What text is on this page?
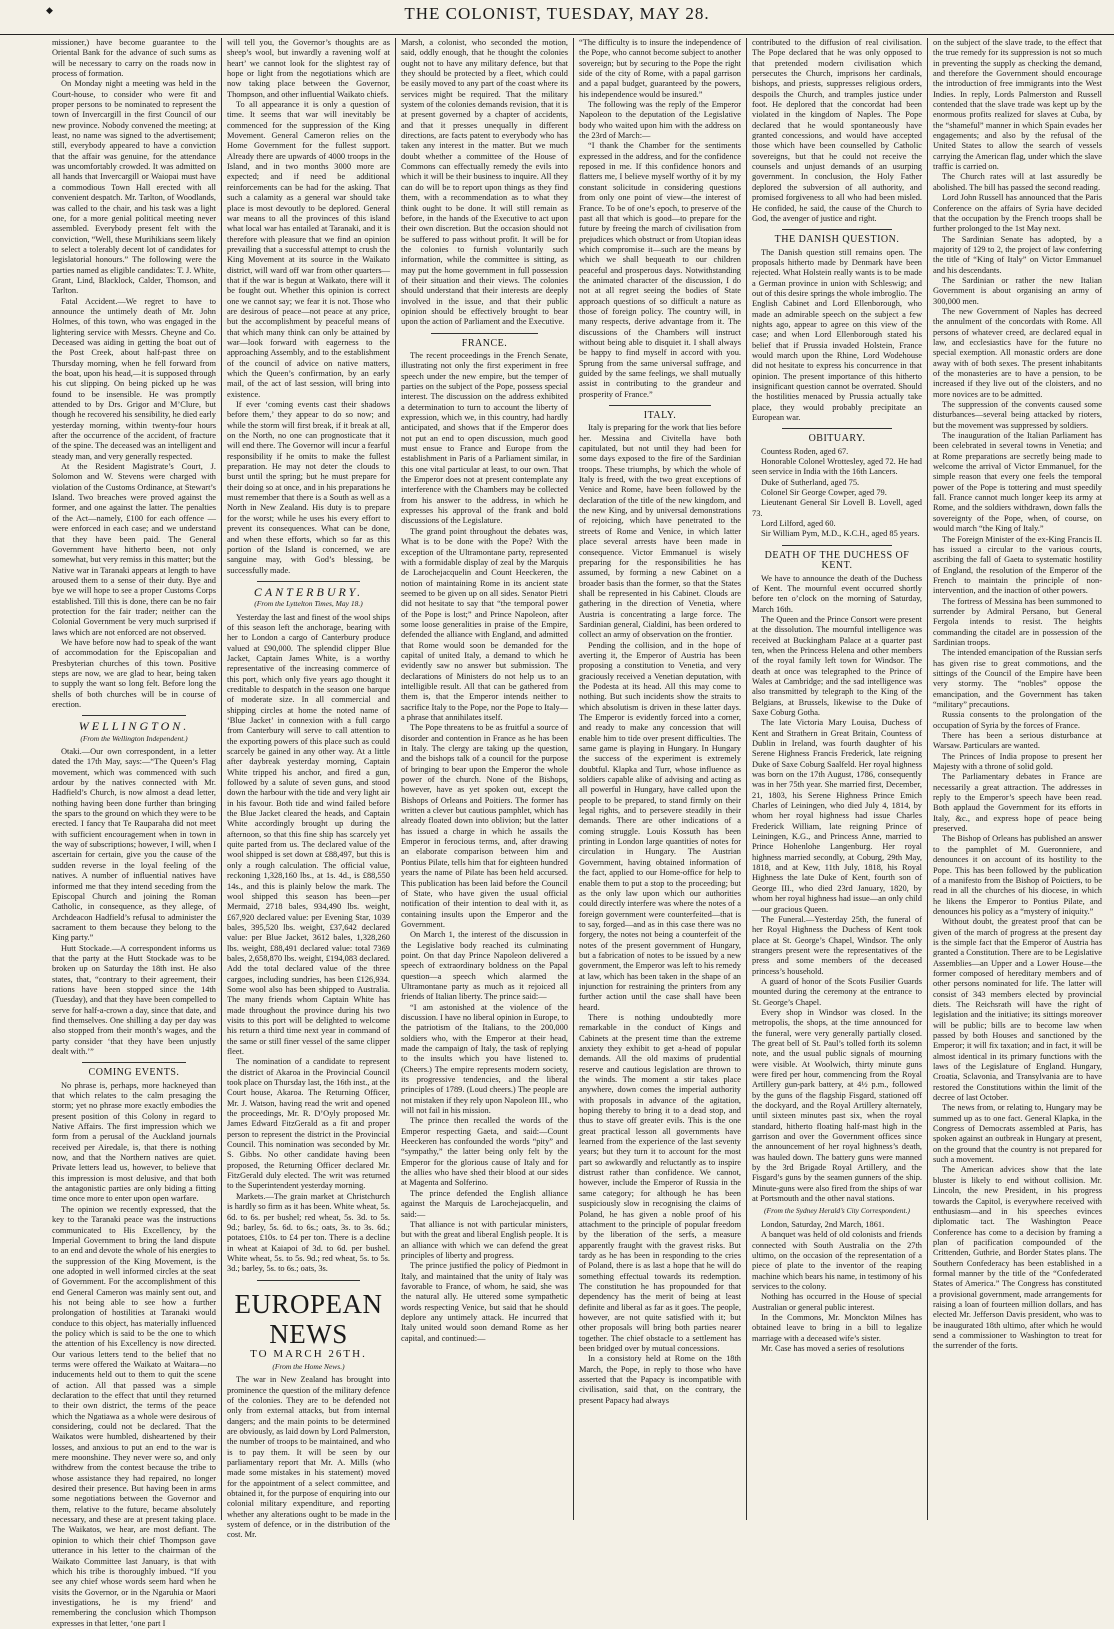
◆	THE COLONIST, TUESDAY, MAY 28.

missioner,) have become guarantee to the Oriental Bank for the advance of such sums as will be necessary to carry on the roads now in process of formation.

On Monday night a meeting was held in the Court-house, to consider who were fit and proper persons to be nominated to represent the town of Invercargill in the first Council of our new province. Nobody convened the meeting; at least, no name was signed to the advertisement; still, everybody appeared to have a conviction that the affair was genuine, for the attendance was uncomfortably crowded. It was admitted on all hands that Invercargill or Waiopai must have a commodious Town Hall erected with all convenient despatch. Mr. Tarlton, of Woodlands, was called to the chair, and his task was a light one, for a more genial political meeting never assembled. Everybody present felt with the conviction, “Well, these Murihikians seem likely to select a tolerably decent lot of candidates for legislatorial honours.” The following were the parties named as eligible candidates: T. J. White, Grant, Lind, Blacklock, Calder, Thomson, and Tarlton.

Fatal Accident.—We regret to have to announce the untimely death of Mr. John Holmes, of this town, who was engaged in the lightering service with Messrs. Cheyne and Co. Deceased was aiding in getting the boat out of the Post Creek, about half-past three on Thursday morning, when he fell forward from the boat, upon his head,—it is supposed through his cut slipping. On being picked up he was found to be insensible. He was promptly attended to by Drs. Grigor and M’Clure, but though he recovered his sensibility, he died early yesterday morning, within twenty-four hours after the occurrence of the accident, of fracture of the spine. The deceased was an intelligent and steady man, and very generally respected.

At the Resident Magistrate’s Court, J. Solomon and W. Stevens were charged with violation of the Customs Ordinance, at Stewart’s Island. Two breaches were proved against the former, and one against the latter. The penalties of the Act—namely, £100 for each offence —were enforced in each case; and we understand that they have been paid. The General Government have hitherto been, not only somewhat, but very remiss in this matter; but the Native war in Taranaki appears at length to have aroused them to a sense of their duty. Bye and bye we will hope to see a proper Customs Corps established. Till this is done, there can be no fair protection for the fair trader; neither can the Colonial Government be very much surprised if laws which are not enforced are not observed.

We have before now had to speak of the want of accommodation for the Episcopalian and Presbyterian churches of this town. Positive steps are now, we are glad to hear, being taken to supply the want so long felt. Before long the shells of both churches will be in course of erection.

WELLINGTON.
(From the Wellington Independent.)

Otaki.—Our own correspondent, in a letter dated the 17th May, says:—“The Queen’s Flag movement, which was commenced with such ardour by the natives connected with Mr. Hadfield’s Church, is now almost a dead letter, nothing having been done further than bringing the spars to the ground on which they were to be erected. I fancy that Te Rauparaha did not meet with sufficient encouragement when in town in the way of subscriptions; however, I will, when I ascertain for certain, give you the cause of the sudden reverse in the loyal feeling of the natives. A number of influential natives have informed me that they intend seceding from the Episcopal Church and joining the Roman Catholic, in consequence, as they allege, of Archdeacon Hadfield’s refusal to administer the sacrament to them because they belong to the King party.”

Hutt Stockade.—A correspondent informs us that the party at the Hutt Stockade was to be broken up on Saturday the 18th inst. He also states, that, “contrary to their agreement, their rations have been stopped since the 14th (Tuesday), and that they have been compelled to serve for half-a-crown a day, since that date, and find themselves. One shilling a day per day was also stopped from their month’s wages, and the party consider ‘that they have been unjustly dealt with.’”

COMING EVENTS.

No phrase is, perhaps, more hackneyed than that which relates to the calm presaging the storm; yet no phrase more exactly embodies the present position of this Colony in regard to Native Affairs. The first impression which we form from a perusal of the Auckland journals received per Airedale, is, that there is nothing now, and that the Northern natives are quiet. Private letters lead us, however, to believe that this impression is most delusive, and that both the antagonistic parties are only biding a fitting time once more to enter upon open warfare.

The opinion we recently expressed, that the key to the Taranaki peace was the instructions communicated to His Excellency, by the Imperial Government to bring the land dispute to an end and devote the whole of his energies to the suppression of the King Movement, is the one adopted in well informed circles at the seat of Government. For the accomplishment of this end General Cameron was mainly sent out, and his not being able to see how a further prolongation of hostilities at Taranaki would conduce to this object, has materially influenced the policy which is said to be the one to which the attention of his Excellency is now directed. Our various letters tend to the belief that no terms were offered the Waikato at Waitara—no inducements held out to them to quit the scene of action. All that passed was a simple declaration to the effect that until they returned to their own district, the terms of the peace which the Ngatiawa as a whole were desirous of considering, could not be declared. That the Waikatos were humbled, disheartened by their losses, and anxious to put an end to the war is mere moonshine. They never were so, and only withdrew from the contest because the tribe to whose assistance they had repaired, no longer desired their presence. But having been in arms some negotiations between the Governor and them, relative to the future, became absolutely necessary, and these are at present taking place. The Waikatos, we hear, are most defiant. The opinion to which their chief Thompson gave utterance in his letter to the chairman of the Waikato Committee last January, is that with which his tribe is thoroughly imbued. “If you see any chief whose words seem hard when he visits the Governor, or in the Ngaruhia or Maori investigations, he is my friend’ and remembering the conclusion which Thompson expresses in that letter, ‘one part I

will tell you, the Governor’s thoughts are as sheep’s wool, but inwardly a ravening wolf at heart’ we cannot look for the slightest ray of hope or light from the negotiations which are now taking place between the Governor, Thompson, and other influential Waikato chiefs.

To all appearance it is only a question of time. It seems that war will inevitably be commenced for the suppression of the King Movement. General Cameron relies on the Home Government for the fullest support. Already there are upwards of 4000 troops in the Island, and in two months 3000 more are expected; and if need be additional reinforcements can be had for the asking. That such a calamity as a general war should take place is most devoutly to be deplored. General war means to all the provinces of this island what local war has entailed at Taranaki, and it is therefore with pleasure that we find an opinion prevailing that a successful attempt to crush the King Movement at its source in the Waikato district, will ward off war from other quarters—that if the war is begun at Waikato, there will it be fought out. Whether this opinion is correct one we cannot say; we fear it is not. Those who are desirous of peace—not peace at any price, but the accomplishment by peaceful means of that which many think can only be attained by war—look forward with eagerness to the approaching Assembly, and to the establishment of the council of advice on native matters, which the Queen’s confirmation, by an early mail, of the act of last session, will bring into existence.

If ever ‘coming events cast their shadows before them,’ they appear to do so now; and while the storm will first break, if it break at all, on the North, no one can prognosticate that it will end there. The Governor will incur a fearful responsibility if he omits to make the fullest preparation. He may not deter the clouds to burst until the spring; but he must prepare for their doing so at once, and in his preparations he must remember that there is a South as well as a North in New Zealand. His duty is to prepare for the worst; while he uses his every effort to prevent its consequences. What can be done, and when these efforts, which so far as this portion of the Island is concerned, we are sanguine may, with God’s blessing, be successfully made.

CANTERBURY.
(From the Lyttelton Times, May 18.)

Yesterday the last and finest of the wool ships of this season left the anchorage, bearing with her to London a cargo of Canterbury produce valued at £90,000. The splendid clipper Blue Jacket, Captain James White, is a worthy representative of the increasing commerce of this port, which only five years ago thought it creditable to despatch in the season one barque of moderate size. In all commercial and shipping circles at home the noted name of ‘Blue Jacket’ in connexion with a full cargo from Canterbury will serve to call attention to the exporting powers of this place such as could scarcely be gained in any other way. At a little after daybreak yesterday morning, Captain White tripped his anchor, and fired a gun, followed by a salute of seven guns, and stood down the harbour with the tide and very light air in his favour. Both tide and wind failed before the Blue Jacket cleared the heads, and Captain White accordingly brought up during the afternoon, so that this fine ship has scarcely yet quite parted from us. The declared value of the wool shipped is set down at £88,497, but this is only a rough calculation. The official value, reckoning 1,328,160 lbs., at 1s. 4d., is £88,550 14s., and this is plainly below the mark. The wool shipped this season has been—per Mermaid, 2718 bales, 934,490 lbs. weight, £67,920 declared value: per Evening Star, 1039 bales, 395,520 lbs. weight, £37,642 declared value: per Blue Jacket, 3612 bales, 1,328,260 lbs. weight, £88,491 declared value: total 7369 bales, 2,658,870 lbs. weight, £194,083 declared. Add the total declared value of the three cargoes, including sundries, has been £126,934. Some wool also has been shipped to Australia. The many friends whom Captain White has made throughout the province during his two visits to this port will be delighted to welcome his return a third time next year in command of the same or still finer vessel of the same clipper fleet.

The nomination of a candidate to represent the district of Akaroa in the Provincial Council took place on Thursday last, the 16th inst., at the Court house, Akaroa. The Returning Officer, Mr. J. Watson, having read the writ and opened the proceedings, Mr. R. D’Oyly proposed Mr. James Edward FitzGerald as a fit and proper person to represent the district in the Provincial Council. This nomination was seconded by Mr. S. Gibbs. No other candidate having been proposed, the Returning Officer declared Mr. FitzGerald duly elected. The writ was returned to the Superintendent yesterday morning.

Markets.—The grain market at Christchurch is hardly so firm as it has been. White wheat, 5s. 6d. to 6s. per bushel; red wheat, 5s. 3d. to 5s. 9d.; barley, 5s. 6d. to 6s.; oats, 3s. to 3s. 6d.; potatoes, £10s. to £4 per ton. There is a decline in wheat at Kaiapoi of 3d. to 6d. per bushel. White wheat, 5s. to 5s. 9d.; red wheat, 5s. to 5s. 3d.; barley, 5s. to 6s.; oats, 3s.

EUROPEAN NEWS
TO MARCH 26TH.
(From the Home News.)

The war in New Zealand has brought into prominence the question of the military defence of the colonies. They are to be defended not only from external attacks, but from internal dangers; and the main points to be determined are obviously, as laid down by Lord Palmerston, the number of troops to be maintained, and who is to pay them. It will be seen by our parliamentary report that Mr. A. Mills (who made some mistakes in his statement) moved for the appointment of a select committee, and obtained it, for the purpose of enquiring into our colonial military expenditure, and reporting whether any alterations ought to be made in the system of defence, or in the distribution of the cost. Mr.

Marsh, a colonist, who seconded the motion, said, oddly enough, that he thought the colonies ought not to have any military defence, but that they should be protected by a fleet, which could be easily moved to any part of the coast where its services might be required. That the military system of the colonies demands revision, that it is at present governed by a chapter of accidents, and that it presses unequally in different directions, are facts patent to everybody who has taken any interest in the matter. But we much doubt whether a committee of the House of Commons can effectually remedy the evils into which it will be their business to inquire. All they can do will be to report upon things as they find them, with a recommendation as to what they think ought to be done. It will still remain as before, in the hands of the Executive to act upon their own discretion. But the occasion should not be suffered to pass without profit. It will be for the colonies to furnish voluntarily such information, while the committee is sitting, as may put the home government in full possession of their situation and their views. The colonies should understand that their interests are deeply involved in the issue, and that their public opinion should be effectively brought to bear upon the action of Parliament and the Executive.

FRANCE.

The recent proceedings in the French Senate, illustrating not only the first experiment in free speech under the new empire, but the temper of parties on the subject of the Pope, possess special interest. The discussion on the address exhibited a determination to turn to account the liberty of expression, which we, in this country, had hardly anticipated, and shows that if the Emperor does not put an end to open discussion, much good must ensue to France and Europe from the establishment in Paris of a Parliament similar, in this one vital particular at least, to our own. That the Emperor does not at present contemplate any interference with the Chambers may be collected from his answer to the address, in which he expresses his approval of the frank and bold discussions of the Legislature.

The grand point throughout the debates was, What is to be done with the Pope? With the exception of the Ultramontane party, represented with a formidable display of zeal by the Marquis de Larochejacquelin and Count Heeckeren, the notion of maintaining Rome in its ancient state seemed to be given up on all sides. Senator Pietri did not hesitate to say that “the temporal power of the Pope is lost;” and Prince Napoleon, after some loose generalities in praise of the Empire, defended the alliance with England, and admitted that Rome would soon be demanded for the capital of united Italy, a demand to which he evidently saw no answer but submission. The declarations of Ministers do not help us to an intelligible result. All that can be gathered from them is, that the Emperor intends neither to sacrifice Italy to the Pope, nor the Pope to Italy—a phrase that annihilates itself.

The Pope threatens to be as fruitful a source of disorder and contention in France as he has been in Italy. The clergy are taking up the question, and the bishops talk of a council for the purpose of bringing to bear upon the Emperor the whole power of the church. None of the Bishops, however, have as yet spoken out, except the Bishops of Orleans and Poitiers. The former has written a clever but cautious pamphlet, which has already floated down into oblivion; but the latter has issued a charge in which he assails the Emperor in ferocious terms, and, after drawing an elaborate comparison between him and Pontius Pilate, tells him that for eighteen hundred years the name of Pilate has been held accursed. This publication has been laid before the Council of State, who have given the usual official notification of their intention to deal with it, as containing insults upon the Emperor and the Government.

On March 1, the interest of the discussion in the Legislative body reached its culminating point. On that day Prince Napoleon delivered a speech of extraordinary boldness on the Papal question—a speech which alarmed the Ultramontane party as much as it rejoiced all friends of Italian liberty. The prince said:—

“I am astonished at the violence of the discussion. I have no liberal opinion in Europe, to the patriotism of the Italians, to the 200,000 soldiers who, with the Emperor at their head, made the campaign of Italy, the task of replying to the insults which you have listened to. (Cheers.) The empire represents modern society, its progressive tendencies, and the liberal principles of 1789. (Loud cheers.) The people are not mistaken if they rely upon Napoleon III., who will not fail in his mission.

The prince then recalled the words of the Emperor respecting Gaeta, and said:—Count Heeckeren has confounded the words “pity” and “sympathy,” the latter being only felt by the Emperor for the glorious cause of Italy and for the allies who have shed their blood at our sides at Magenta and Solferino.

The prince defended the English alliance against the Marquis de Larochejacquelin, and said:—

That alliance is not with particular ministers, but with the great and liberal English people. It is an alliance with which we can defend the great principles of liberty and progress.

The prince justified the policy of Piedmont in Italy, and maintained that the unity of Italy was favorable to France, of whom, he said, she was the natural ally. He uttered some sympathetic words respecting Venice, but said that he should deplore any untimely attack. He incurred that Italy united would soon demand Rome as her capital, and continued:—

“The difficulty is to insure the independence of the Pope, who cannot become subject to another sovereign; but by securing to the Pope the right side of the city of Rome, with a papal garrison and a papal budget, guaranteed by the powers, his independence would be insured.”

The following was the reply of the Emperor Napoleon to the deputation of the Legislative body who waited upon him with the address on the 23rd of March:—

“I thank the Chamber for the sentiments expressed in the address, and for the confidence reposed in me. If this confidence honors and flatters me, I believe myself worthy of it by my constant solicitude in considering questions from only one point of view—the interest of France. To be of one’s epoch, to preserve of the past all that which is good—to prepare for the future by freeing the march of civilisation from prejudices which obstruct or from Utopian ideas which compromise it—such are the means by which we shall bequeath to our children peaceful and prosperous days. Notwithstanding the animated character of the discussion, I do not at all regret seeing the bodies of State approach questions of so difficult a nature as those of foreign policy. The country will, in many respects, derive advantage from it. The discussions of the Chambers will instruct without being able to disquiet it. I shall always be happy to find myself in accord with you. Sprung from the same universal suffrage, and guided by the same feelings, we shall mutually assist in contributing to the grandeur and prosperity of France.”

ITALY.

Italy is preparing for the work that lies before her. Messina and Civitella have both capitulated, but not until they had been for some days exposed to the fire of the Sardinian troops. These triumphs, by which the whole of Italy is freed, with the two great exceptions of Venice and Rome, have been followed by the declaration of the title of the new kingdom, and the new King, and by universal demonstrations of rejoicing, which have penetrated to the streets of Rome and Venice, in which latter place several arrests have been made in consequence. Victor Emmanuel is wisely preparing for the responsibilities he has assumed, by forming a new Cabinet on a broader basis than the former, so that the States shall be represented in his Cabinet. Clouds are gathering in the direction of Venetia, where Austria is concentrating a large force. The Sardinian general, Cialdini, has been ordered to collect an army of observation on the frontier.

Pending the collision, and in the hope of averting it, the Emperor of Austria has been proposing a constitution to Venetia, and very graciously received a Venetian deputation, with the Podesta at its head. All this may come to nothing. But such incidents show the straits to which absolutism is driven in these latter days. The Emperor is evidently forced into a corner, and ready to make any concession that will enable him to tide over present difficulties. The same game is playing in Hungary. In Hungary the success of the experiment is extremely doubtful. Klapka and Turr, whose influence as soldiers capable alike of advising and acting as all powerful in Hungary, have called upon the people to be prepared, to stand firmly on their legal rights, and to persevere steadily in their demands. There are other indications of a coming struggle. Louis Kossuth has been printing in London large quantities of notes for circulation in Hungary. The Austrian Government, having obtained information of the fact, applied to our Home-office for help to enable them to put a stop to the proceeding; but as the only law upon which our authorities could directly interfere was where the notes of a foreign government were counterfeited—that is to say, forged—and as in this case there was no forgery, the notes not being a counterfeit of the notes of the present government of Hungary, but a fabrication of notes to be issued by a new government, the Emperor was left to his remedy at law, which has been taken in the shape of an injunction for restraining the printers from any further action until the case shall have been heard.

There is nothing undoubtedly more remarkable in the conduct of Kings and Cabinets at the present time than the extreme anxiety they exhibit to get a-head of popular demands. All the old maxims of prudential reserve and cautious legislation are thrown to the winds. The moment a stir takes place anywhere, down comes the imperial authority with proposals in advance of the agitation, hoping thereby to bring it to a dead stop, and thus to stave off greater evils. This is the one great practical lesson all governments have learned from the experience of the last seventy years; but they turn it to account for the most part so awkwardly and reluctantly as to inspire distrust rather than confidence. We cannot, however, include the Emperor of Russia in the same category; for although he has been suspiciously slow in recognising the claims of Poland, he has given a noble proof of his attachment to the principle of popular freedom by the liberation of the serfs, a measure apparently fraught with the gravest risks. But tardy as he has been in responding to the cries of Poland, there is as last a hope that he will do something effectual towards its redemption. The constitution he has propounded for that dependency has the merit of being at least definite and liberal as far as it goes. The people, however, are not quite satisfied with it; but other proposals will bring both parties nearer together. The chief obstacle to a settlement has been bridged over by mutual concessions.

In a consistory held at Rome on the 18th March, the Pope, in reply to those who have asserted that the Papacy is incompatible with civilisation, said that, on the contrary, the present Papacy had always

contributed to the diffusion of real civilisation. The Pope declared that he was only opposed to that pretended modern civilisation which persecutes the Church, imprisons her cardinals, bishops, and priests, suppresses religious orders, despoils the Church, and tramples justice under foot. He deplored that the concordat had been violated in the kingdom of Naples. The Pope declared that he would spontaneously have granted concessions, and would have accepted those which have been counselled by Catholic sovereigns, but that he could not receive the counsels and unjust demands of an usurping government. In conclusion, the Holy Father deplored the subversion of all authority, and promised forgiveness to all who had been misled. He confided, he said, the cause of the Church to God, the avenger of justice and right.

THE DANISH QUESTION.

The Danish question still remains open. The proposals hitherto made by Denmark have been rejected. What Holstein really wants is to be made a German province in union with Schleswig; and out of this desire springs the whole imbroglio. The English Cabinet and Lord Ellenborough, who made an admirable speech on the subject a few nights ago, appear to agree on this view of the case; and when Lord Ellenborough stated his belief that if Prussia invaded Holstein, France would march upon the Rhine, Lord Wodehouse did not hesitate to express his concurrence in that opinion. The present importance of this hitherto insignificant question cannot be overrated. Should the hostilities menaced by Prussia actually take place, they would probably precipitate an European war.

OBITUARY.

Countess Roden, aged 67.

Honorable Colonel Wrottesley, aged 72. He had seen service in India with the 16th Lancers.

Duke of Sutherland, aged 75.

Colonel Sir George Cowper, aged 79.

Lieutenant General Sir Lovell B. Lovell, aged 73.

Lord Lilford, aged 60.

Sir William Pym, M.D., K.C.H., aged 85 years.

DEATH OF THE DUCHESS OF KENT.

We have to announce the death of the Duchess of Kent. The mournful event occurred shortly before ten o’clock on the morning of Saturday, March 16th.

The Queen and the Prince Consort were present at the dissolution. The mournful intelligence was received at Buckingham Palace at a quarter past ten, when the Princess Helena and other members of the royal family left town for Windsor. The death at once was telegraphed to the Prince of Wales at Cambridge; and the sad intelligence was also transmitted by telegraph to the King of the Belgians, at Brussels, likewise to the Duke of Saxe Coburg Gotha.

The late Victoria Mary Louisa, Duchess of Kent and Strathern in Great Britain, Countess of Dublin in Ireland, was fourth daughter of his Serene Highness Francis Frederick, late reigning Duke of Saxe Coburg Saalfeld. Her royal highness was born on the 17th August, 1786, consequently was in her 75th year. She married first, December, 21, 1803, his Serene Highness Prince Emich Charles of Leiningen, who died July 4, 1814, by whom her royal highness had issue Charles Frederick William, late reigning Prince of Leiningen, K.G., and Princess Anne, married to Prince Hohenlohe Langenburg. Her royal highness married secondly, at Coburg, 29th May, 1818, and at Kew, 11th July, 1818, his Royal Highness the late Duke of Kent, fourth son of George III., who died 23rd January, 1820, by whom her royal highness had issue—an only child—our gracious Queen.

The Funeral.—Yesterday 25th, the funeral of her Royal Highness the Duchess of Kent took place at St. George’s Chapel, Windsor. The only strangers present were the representatives of the press and some members of the deceased princess’s household.

A guard of honor of the Scots Fusilier Guards mounted during the ceremony at the entrance to St. George’s Chapel.

Every shop in Windsor was closed. In the metropolis, the shops, at the time announced for the funeral, were very generally partially closed. The great bell of St. Paul’s tolled forth its solemn note, and the usual public signals of mourning were visible. At Woolwich, thirty minute guns were fired per hour, commencing from the Royal Artillery gun-park battery, at 4½ p.m., followed by the guns of the flagship Fisgard, stationed off the dockyard, and the Royal Artillery alternately, until sixteen minutes past six, when the royal standard, hitherto floating half-mast high in the garrison and over the Government offices since the announcement of her royal highness’s death, was hauled down. The battery guns were manned by the 3rd Brigade Royal Artillery, and the Fisgard’s guns by the seamen gunners of the ship. Minute-guns were also fired from the ships of war at Portsmouth and the other naval stations.

(From the Sydney Herald’s City Correspondent.)

London, Saturday, 2nd March, 1861.

A banquet was held of old colonists and friends connected with South Australia on the 27th ultimo, on the occasion of the representation of a piece of plate to the inventor of the reaping machine which bears his name, in testimony of his services to the colony.

Nothing has occurred in the House of special Australian or general public interest.

In the Commons, Mr. Monckton Milnes has obtained leave to bring in a bill to legalize marriage with a deceased wife’s sister.

Mr. Case has moved a series of resolutions

on the subject of the slave trade, to the effect that the true remedy for its suppression is not so much in preventing the supply as checking the demand, and therefore the Government should encourage the introduction of free immigrants into the West Indies. In reply, Lords Palmerston and Russell contended that the slave trade was kept up by the enormous profits realized for slaves at Cuba, by the “shameful” manner in which Spain evades her engagements; and also by the refusal of the United States to allow the search of vessels carrying the American flag, under which the slave traffic is carried on.

The Church rates will at last assuredly be abolished. The bill has passed the second reading.

Lord John Russell has announced that the Paris Conference on the affairs of Syria have decided that the occupation by the French troops shall be further prolonged to the 1st May next.

The Sardinian Senate has adopted, by a majority of 129 to 2, the project of law conferring the title of “King of Italy” on Victor Emmanuel and his descendants.

The Sardinian or rather the new Italian Government is about organising an army of 300,000 men.

The new Government of Naples has decreed the annulment of the concordats with Rome. All persons of whatever creed, are declared equal in law, and ecclesiastics have for the future no special exemption. All monastic orders are done away with of both sexes. The present inhabitants of the monasteries are to have a pension, to be increased if they live out of the cloisters, and no more novices are to be admitted.

The suppression of the convents caused some disturbances—several being attacked by rioters, but the movement was suppressed by soldiers.

The inauguration of the Italian Parliament has been celebrated in several towns in Venetia; and at Rome preparations are secretly being made to welcome the arrival of Victor Emmanuel, for the simple reason that every one feels the temporal power of the Pope is tottering and must speedily fall. France cannot much longer keep its army at Rome, and the soldiers withdrawn, down falls the sovereignty of the Pope, when, of course, on would march “the King of Italy.”

The Foreign Minister of the ex-King Francis II. has issued a circular to the various courts, ascribing the fall of Gaeta to systematic hostility of England, the resolution of the Emperor of the French to maintain the principle of non-intervention, and the inaction of other powers.

The fortress of Messina has been summoned to surrender by Admiral Persano, but General Fergola intends to resist. The heights commanding the citadel are in possession of the Sardinian troops.

The intended emancipation of the Russian serfs has given rise to great commotions, and the sittings of the Council of the Empire have been very stormy. The “nobles” oppose the emancipation, and the Government has taken “military” precautions.

Russia consents to the prolongation of the occupation of Syria by the forces of France.

There has been a serious disturbance at Warsaw. Particulars are wanted.

The Princes of India propose to present her Majesty with a throne of solid gold.

The Parliamentary debates in France are necessarily a great attraction. The addresses in reply to the Emperor’s speech have been read. Both applaud the Government for its efforts in Italy, &c., and express hope of peace being preserved.

The Bishop of Orleans has published an answer to the pamphlet of M. Gueronniere, and denounces it on account of its hostility to the Pope. This has been followed by the publication of a manifesto from the Bishop of Poictiers, to be read in all the churches of his diocese, in which he likens the Emperor to Pontius Pilate, and denounces his policy as a “mystery of iniquity.”

Without doubt, the greatest proof that can be given of the march of progress at the present day is the simple fact that the Emperor of Austria has granted a Constitution. There are to be Legislative Assemblies—an Upper and a Lower House—the former composed of hereditary members and of other persons nominated for life. The latter will consist of 343 members elected by provincial diets. The Reichsrath will have the right of legislation and the initiative; its sittings moreover will be public; bills are to become law when passed by both Houses and sanctioned by the Emperor; it will fix taxation; and in fact, it will be almost identical in its primary functions with the laws of the Legislature of England. Hungary, Croatia, Sclavonia, and Transylvania are to have restored the Constitutions within the limit of the decree of last October.

The news from, or relating to, Hungary may be summed up as to one fact. General Klapka, in the Congress of Democrats assembled at Paris, has spoken against an outbreak in Hungary at present, on the ground that the country is not prepared for such a movement.

The American advices show that the late bluster is likely to end without collision. Mr. Lincoln, the new President, in his progress towards the Capitol, is everywhere received with enthusiasm—and in his speeches evinces diplomatic tact. The Washington Peace Conference has come to a decision by framing a plan of pacification compounded of the Crittenden, Guthrie, and Border States plans. The Southern Confederacy has been established in a formal manner by the title of the “Confederated States of America.” The Congress has constituted a provisional government, made arrangements for raising a loan of fourteen million dollars, and has elected Mr. Jefferson Davis president, who was to be inaugurated 18th ultimo, after which he would send a commissioner to Washington to treat for the surrender of the forts.
